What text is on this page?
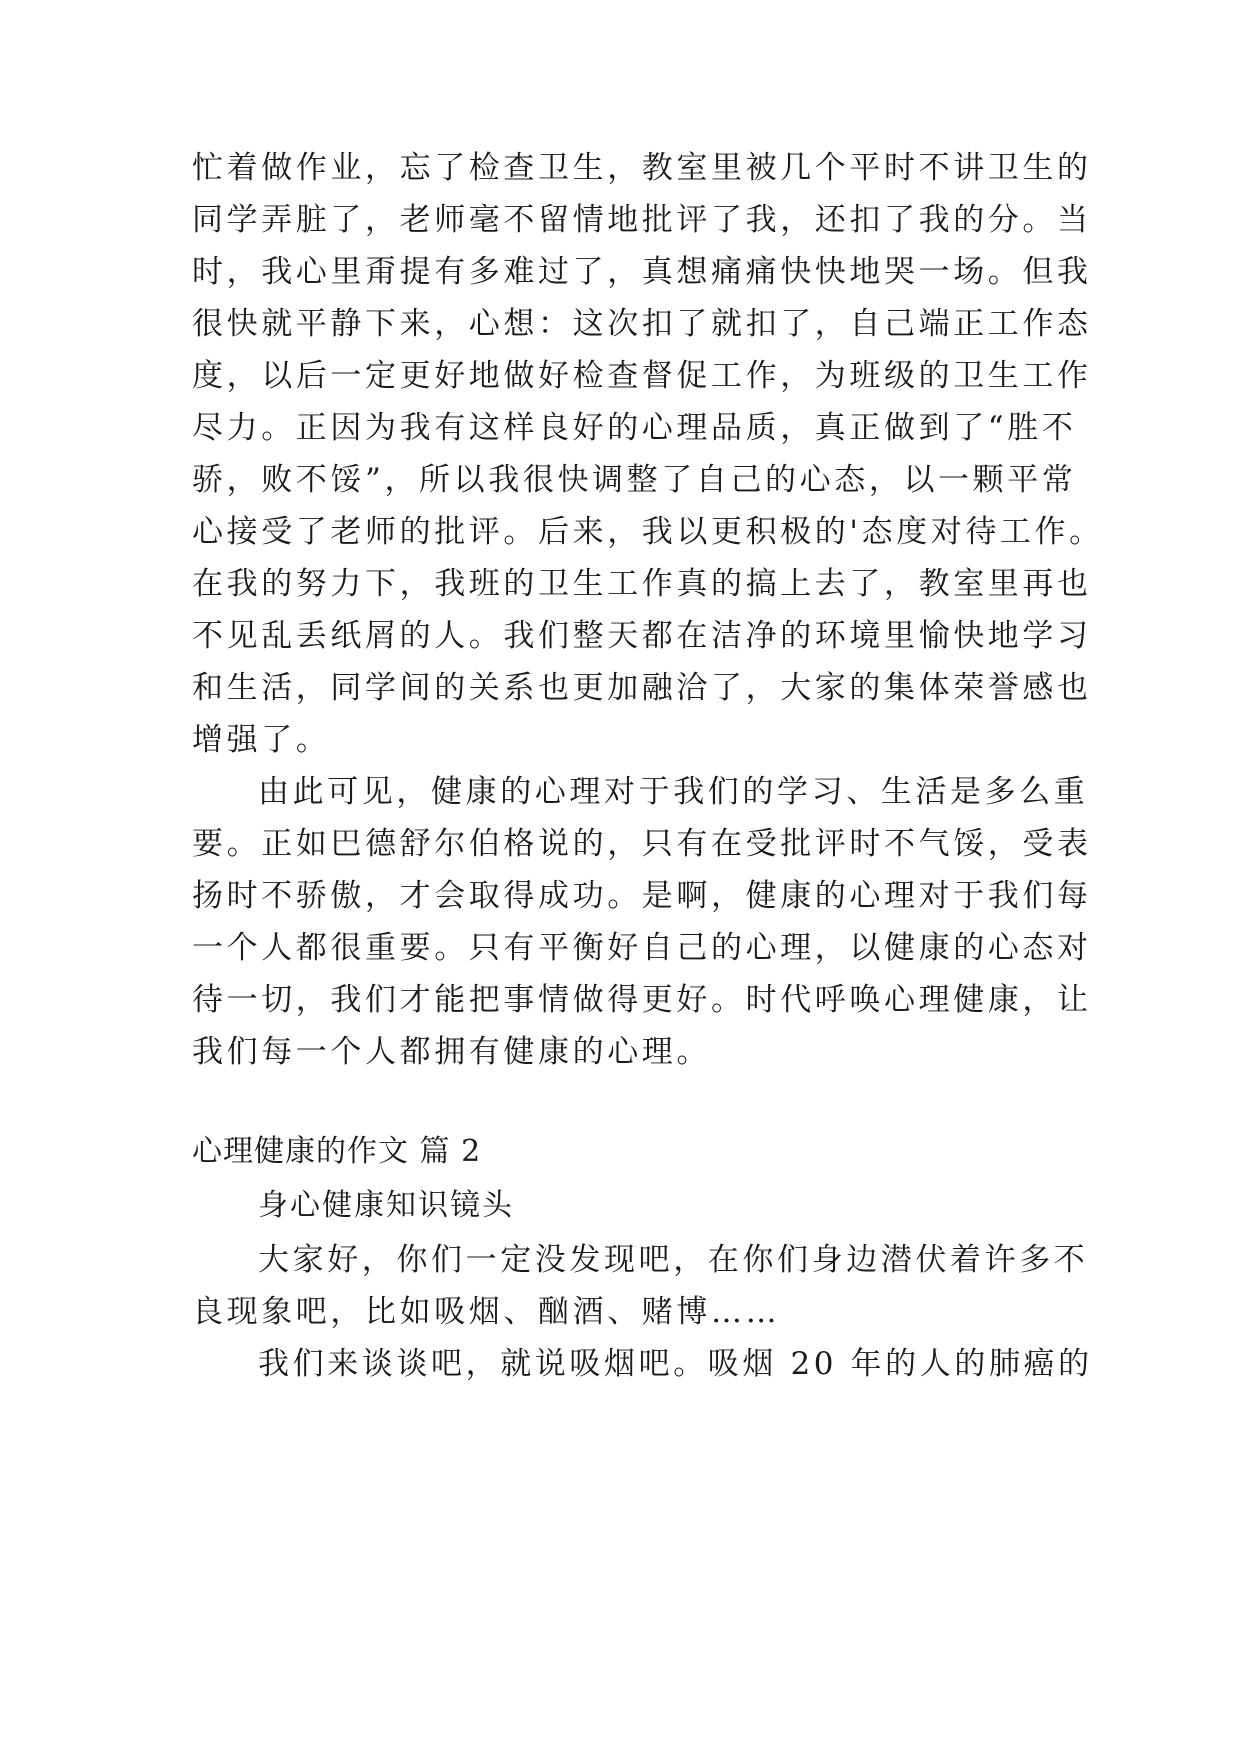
忙着做作业，忘了检查卫生，教室里被几个平时不讲卫生的
同学弄脏了，老师毫不留情地批评了我，还扣了我的分。当
时，我心里甭提有多难过了，真想痛痛快快地哭一场。但我
很快就平静下来，心想：这次扣了就扣了，自己端正工作态
度，以后一定更好地做好检查督促工作，为班级的卫生工作
尽力。正因为我有这样良好的心理品质，真正做到了“胜不
骄，败不馁”，所以我很快调整了自己的心态，以一颗平常
心接受了老师的批评。后来，我以更积极的'态度对待工作。
在我的努力下，我班的卫生工作真的搞上去了，教室里再也
不见乱丢纸屑的人。我们整天都在洁净的环境里愉快地学习
和生活，同学间的关系也更加融洽了，大家的集体荣誉感也
增强了。
由此可见，健康的心理对于我们的学习、生活是多么重
要。正如巴德舒尔伯格说的，只有在受批评时不气馁，受表
扬时不骄傲，才会取得成功。是啊，健康的心理对于我们每
一个人都很重要。只有平衡好自己的心理，以健康的心态对
待一切，我们才能把事情做得更好。时代呼唤心理健康，让
我们每一个人都拥有健康的心理。
心理健康的作文 篇 2
身心健康知识镜头
大家好，你们一定没发现吧，在你们身边潜伏着许多不
良现象吧，比如吸烟、酗酒、赌博……
我们来谈谈吧，就说吸烟吧。吸烟 20 年的人的肺癌的
